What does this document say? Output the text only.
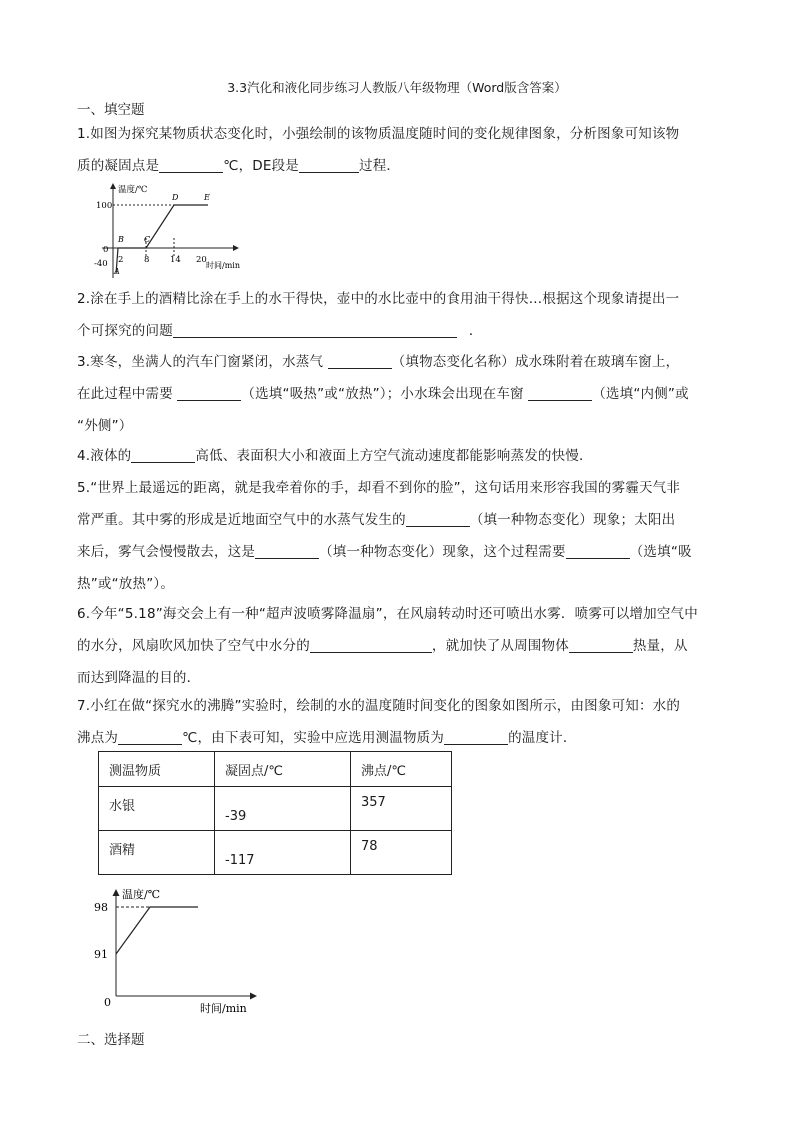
3.3汽化和液化同步练习人教版八年级物理（Word版含答案）
一、填空题
1.如图为探究某物质状态变化时，小强绘制的该物质温度随时间的变化规律图象，分析图象可知该物
质的凝固点是	℃，DE段是	过程．
温度/℃
100
0
-40 2 8 14 20
时间/min
A
B	C
D	E
2.涂在手上的酒精比涂在手上的水干得快，壶中的水比壶中的食用油干得快…根据这个现象请提出一
个可探究的问题	．
3.寒冬，坐满人的汽车门窗紧闭，水蒸气	（填物态变化名称）成水珠附着在玻璃车窗上，
在此过程中需要	（选填“吸热”或“放热”）；小水珠会出现在车窗	（选填“内侧”或
“外侧”）
4.液体的	高低、表面积大小和液面上方空气流动速度都能影响蒸发的快慢．
5.“世界上最遥远的距离，就是我牵着你的手，却看不到你的脸”，这句话用来形容我国的雾霾天气非
常严重。其中雾的形成是近地面空气中的水蒸气发生的	（填一种物态变化）现象；太阳出
来后，雾气会慢慢散去，这是	（填一种物态变化）现象，这个过程需要	（选填“吸
热”或“放热”）。
6.今年“5.18”海交会上有一种“超声波喷雾降温扇”，在风扇转动时还可喷出水雾．喷雾可以增加空气中
的水分，风扇吹风加快了空气中水分的	，就加快了从周围物体	热量，从
而达到降温的目的．
7.小红在做“探究水的沸腾”实验时，绘制的水的温度随时间变化的图象如图所示，由图象可知：水的
沸点为	℃，由下表可知，实验中应选用测温物质为	的温度计．
测温物质	凝固点/℃	沸点/℃
水银	-39	357
酒精	-117	78
温度/℃
98
91
0	时间/min
二、选择题
